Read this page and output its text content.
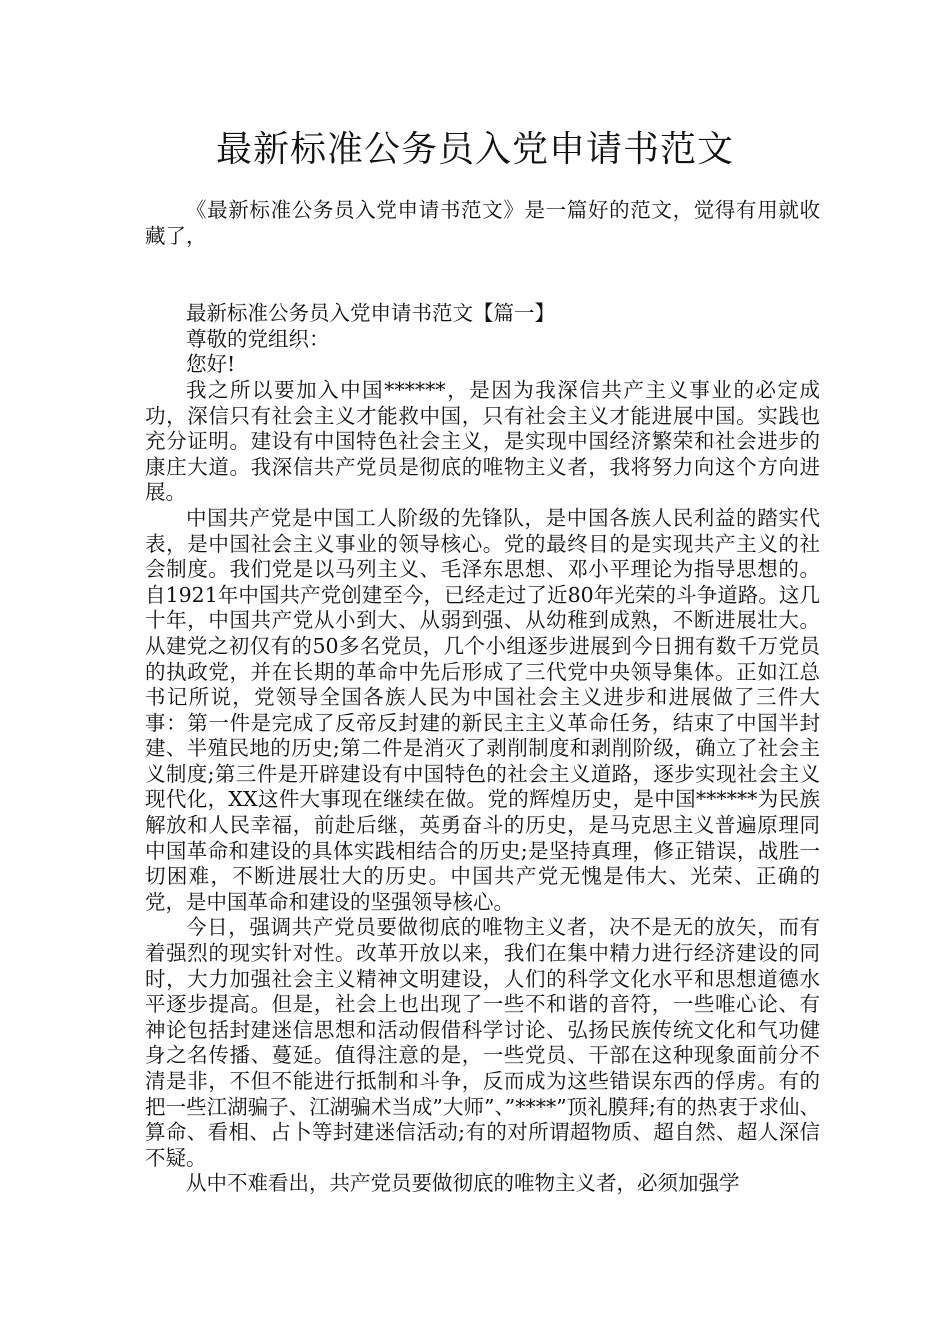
最新标准公务员入党申请书范文

《最新标准公务员入党申请书范文》是一篇好的范文，觉得有用就收藏了，

最新标准公务员入党申请书范文【篇一】

尊敬的党组织：

您好!

我之所以要加入中国******，是因为我深信共产主义事业的必定成功，深信只有社会主义才能救中国，只有社会主义才能进展中国。实践也充分证明。建设有中国特色社会主义，是实现中国经济繁荣和社会进步的康庄大道。我深信共产党员是彻底的唯物主义者，我将努力向这个方向进展。

中国共产党是中国工人阶级的先锋队，是中国各族人民利益的踏实代表，是中国社会主义事业的领导核心。党的最终目的是实现共产主义的社会制度。我们党是以马列主义、毛泽东思想、邓小平理论为指导思想的。自1921年中国共产党创建至今，已经走过了近80年光荣的斗争道路。这几十年，中国共产党从小到大、从弱到强、从幼稚到成熟，不断进展壮大。从建党之初仅有的50多名党员，几个小组逐步进展到今日拥有数千万党员的执政党，并在长期的革命中先后形成了三代党中央领导集体。正如江总书记所说，党领导全国各族人民为中国社会主义进步和进展做了三件大事：第一件是完成了反帝反封建的新民主主义革命任务，结束了中国半封建、半殖民地的历史;第二件是消灭了剥削制度和剥削阶级，确立了社会主义制度;第三件是开辟建设有中国特色的社会主义道路，逐步实现社会主义现代化，XX这件大事现在继续在做。党的辉煌历史，是中国******为民族解放和人民幸福，前赴后继，英勇奋斗的历史，是马克思主义普遍原理同中国革命和建设的具体实践相结合的历史;是坚持真理，修正错误，战胜一切困难，不断进展壮大的历史。中国共产党无愧是伟大、光荣、正确的党，是中国革命和建设的坚强领导核心。

今日，强调共产党员要做彻底的唯物主义者，决不是无的放矢，而有着强烈的现实针对性。改革开放以来，我们在集中精力进行经济建设的同时，大力加强社会主义精神文明建设，人们的科学文化水平和思想道德水平逐步提高。但是，社会上也出现了一些不和谐的音符，一些唯心论、有神论包括封建迷信思想和活动假借科学讨论、弘扬民族传统文化和气功健身之名传播、蔓延。值得注意的是，一些党员、干部在这种现象面前分不清是非，不但不能进行抵制和斗争，反而成为这些错误东西的俘虏。有的把一些江湖骗子、江湖骗术当成”大师”、”****”顶礼膜拜;有的热衷于求仙、算命、看相、占卜等封建迷信活动;有的对所谓超物质、超自然、超人深信不疑。

从中不难看出，共产党员要做彻底的唯物主义者，必须加强学
